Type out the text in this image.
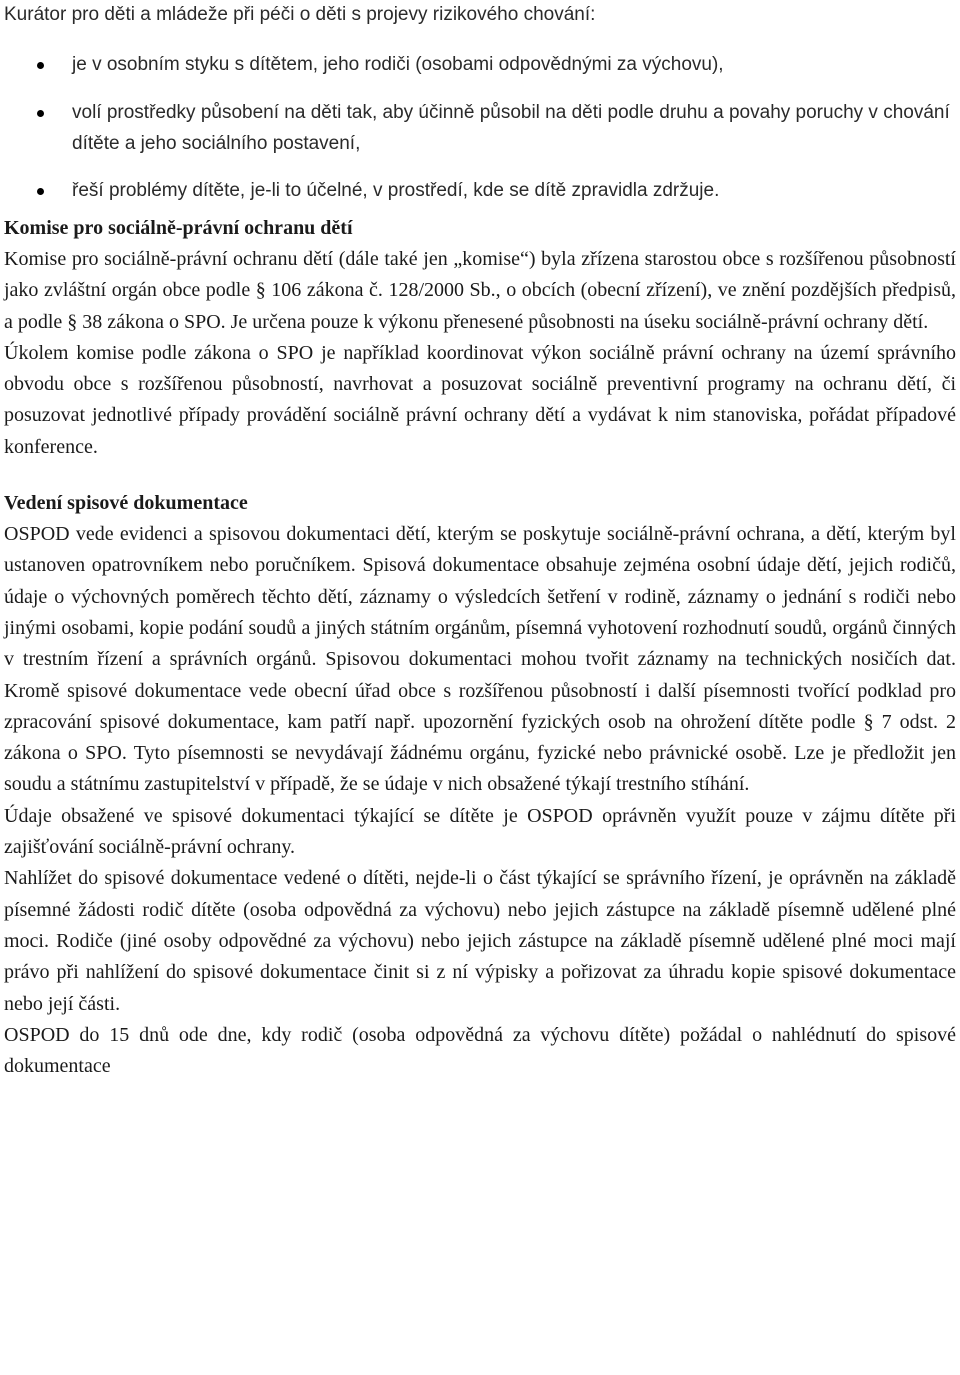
Kurátor pro děti a mládeže při péči o děti s projevy rizikového chování:

je v osobním styku s dítětem, jeho rodiči (osobami odpovědnými za výchovu),
volí prostředky působení na děti tak, aby účinně působil na děti podle druhu a povahy poruchy v chování dítěte a jeho sociálního postavení,
řeší problémy dítěte, je-li to účelné, v prostředí, kde se dítě zpravidla zdržuje.
Komise pro sociálně-právní ochranu dětí

Komise pro sociálně-právní ochranu dětí (dále také jen „komise“) byla zřízena starostou obce s rozšířenou působností jako zvláštní orgán obce podle § 106 zákona č. 128/2000 Sb., o obcích (obecní zřízení), ve znění pozdějších předpisů, a podle § 38 zákona o SPO. Je určena pouze k výkonu přenesené působnosti na úseku sociálně-právní ochrany dětí.

Úkolem komise podle zákona o SPO je například koordinovat výkon sociálně právní ochrany na území správního obvodu obce s rozšířenou působností, navrhovat a posuzovat sociálně preventivní programy na ochranu dětí, či posuzovat jednotlivé případy provádění sociálně právní ochrany dětí a vydávat k nim stanoviska, pořádat případové konference.

Vedení spisové dokumentace

OSPOD vede evidenci a spisovou dokumentaci dětí, kterým se poskytuje sociálně-právní ochrana, a dětí, kterým byl ustanoven opatrovníkem nebo poručníkem. Spisová dokumentace obsahuje zejména osobní údaje dětí, jejich rodičů, údaje o výchovných poměrech těchto dětí, záznamy o výsledcích šetření v rodině, záznamy o jednání s rodiči nebo jinými osobami, kopie podání soudů a jiných státním orgánům, písemná vyhotovení rozhodnutí soudů, orgánů činných v trestním řízení a správních orgánů. Spisovou dokumentaci mohou tvořit záznamy na technických nosičích dat. Kromě spisové dokumentace vede obecní úřad obce s rozšířenou působností i další písemnosti tvořící podklad pro zpracování spisové dokumentace, kam patří např. upozornění fyzických osob na ohrožení dítěte podle § 7 odst. 2 zákona o SPO. Tyto písemnosti se nevydávají žádnému orgánu, fyzické nebo právnické osobě. Lze je předložit jen soudu a státnímu zastupitelství v případě, že se údaje v nich obsažené týkají trestního stíhání.

Údaje obsažené ve spisové dokumentaci týkající se dítěte je OSPOD oprávněn využít pouze v zájmu dítěte při zajišťování sociálně-právní ochrany.

Nahlížet do spisové dokumentace vedené o dítěti, nejde-li o část týkající se správního řízení, je oprávněn na základě písemné žádosti rodič dítěte (osoba odpovědná za výchovu) nebo jejich zástupce na základě písemně udělené plné moci. Rodiče (jiné osoby odpovědné za výchovu) nebo jejich zástupce na základě písemně udělené plné moci mají právo při nahlížení do spisové dokumentace činit si z ní výpisky a pořizovat za úhradu kopie spisové dokumentace nebo její části.

OSPOD do 15 dnů ode dne, kdy rodič (osoba odpovědná za výchovu dítěte) požádal o nahlédnutí do spisové dokumentace
